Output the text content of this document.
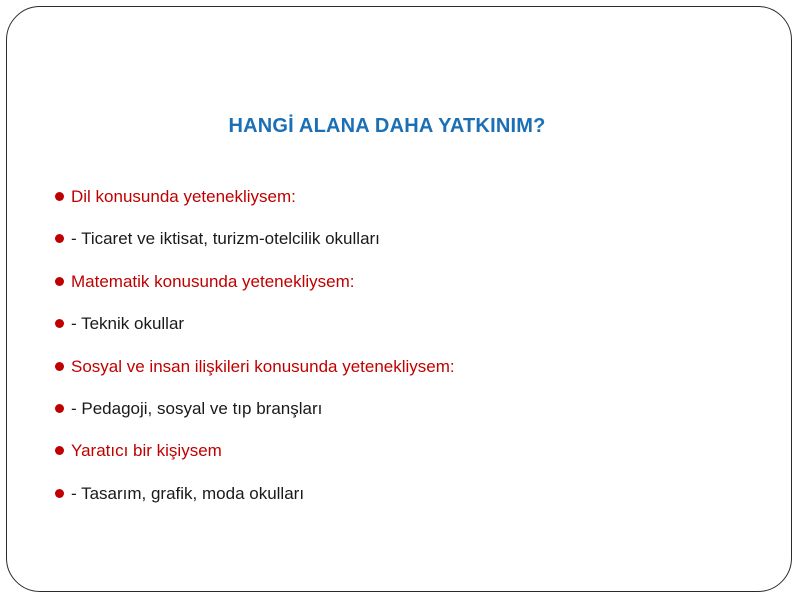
HANGİ ALANA DAHA YATKINIM?
Dil konusunda yetenekliysem:
- Ticaret ve iktisat, turizm-otelcilik okulları
Matematik konusunda yetenekliysem:
- Teknik okullar
Sosyal ve insan ilişkileri konusunda yetenekliysem:
- Pedagoji, sosyal ve tıp branşları
Yaratıcı bir kişiysem
- Tasarım, grafik, moda okulları
